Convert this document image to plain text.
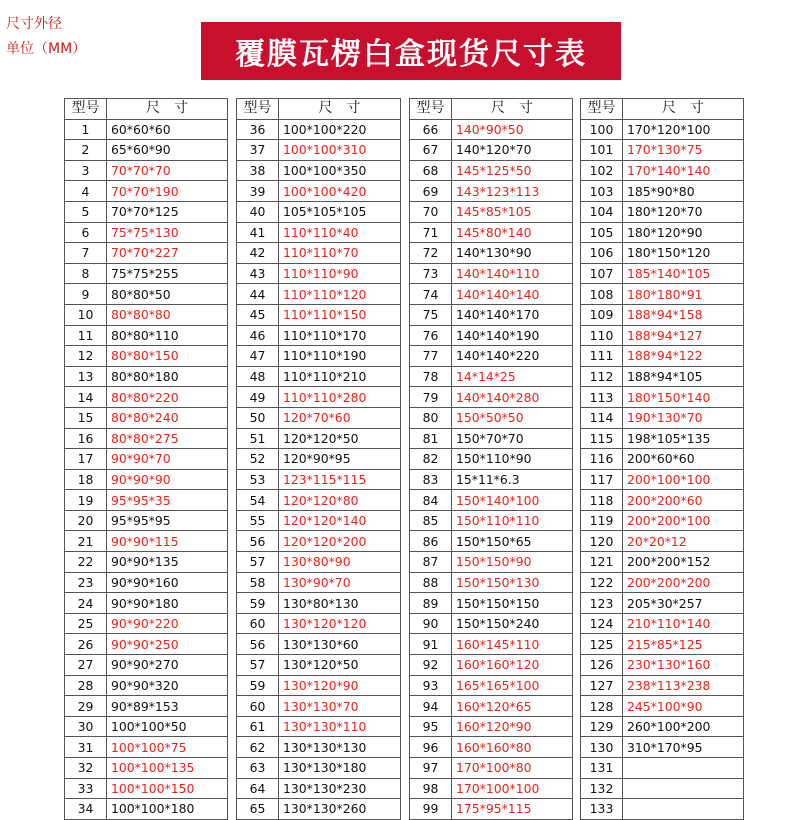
尺寸外径
单位（MM）	覆膜瓦楞白盒现货尺寸表
型号	尺　寸
1	60*60*60
2	65*60*90
3	70*70*70
4	70*70*190
5	70*70*125
6	75*75*130
7	70*70*227
8	75*75*255
9	80*80*50
10	80*80*80
11	80*80*110
12	80*80*150
13	80*80*180
14	80*80*220
15	80*80*240
16	80*80*275
17	90*90*70
18	90*90*90
19	95*95*35
20	95*95*95
21	90*90*115
22	90*90*135
23	90*90*160
24	90*90*180
25	90*90*220
26	90*90*250
27	90*90*270
28	90*90*320
29	90*89*153
30	100*100*50
31	100*100*75
32	100*100*135
33	100*100*150
34	100*100*180
型号	尺　寸
36	100*100*220
37	100*100*310
38	100*100*350
39	100*100*420
40	105*105*105
41	110*110*40
42	110*110*70
43	110*110*90
44	110*110*120
45	110*110*150
46	110*110*170
47	110*110*190
48	110*110*210
49	110*110*280
50	120*70*60
51	120*120*50
52	120*90*95
53	123*115*115
54	120*120*80
55	120*120*140
56	120*120*200
57	130*80*90
58	130*90*70
59	130*80*130
60	130*120*120
56	130*130*60
57	130*120*50
59	130*120*90
60	130*130*70
61	130*130*110
62	130*130*130
63	130*130*180
64	130*130*230
65	130*130*260
型号	尺　寸
66	140*90*50
67	140*120*70
68	145*125*50
69	143*123*113
70	145*85*105
71	145*80*140
72	140*130*90
73	140*140*110
74	140*140*140
75	140*140*170
76	140*140*190
77	140*140*220
78	14*14*25
79	140*140*280
80	150*50*50
81	150*70*70
82	150*110*90
83	15*11*6.3
84	150*140*100
85	150*110*110
86	150*150*65
87	150*150*90
88	150*150*130
89	150*150*150
90	150*150*240
91	160*145*110
92	160*160*120
93	165*165*100
94	160*120*65
95	160*120*90
96	160*160*80
97	170*100*80
98	170*100*100
99	175*95*115
型号	尺　寸
100	170*120*100
101	170*130*75
102	170*140*140
103	185*90*80
104	180*120*70
105	180*120*90
106	180*150*120
107	185*140*105
108	180*180*91
109	188*94*158
110	188*94*127
111	188*94*122
112	188*94*105
113	180*150*140
114	190*130*70
115	198*105*135
116	200*60*60
117	200*100*100
118	200*200*60
119	200*200*100
120	20*20*12
121	200*200*152
122	200*200*200
123	205*30*257
124	210*110*140
125	215*85*125
126	230*130*160
127	238*113*238
128	245*100*90
129	260*100*200
130	310*170*95
131	
132	
133	
